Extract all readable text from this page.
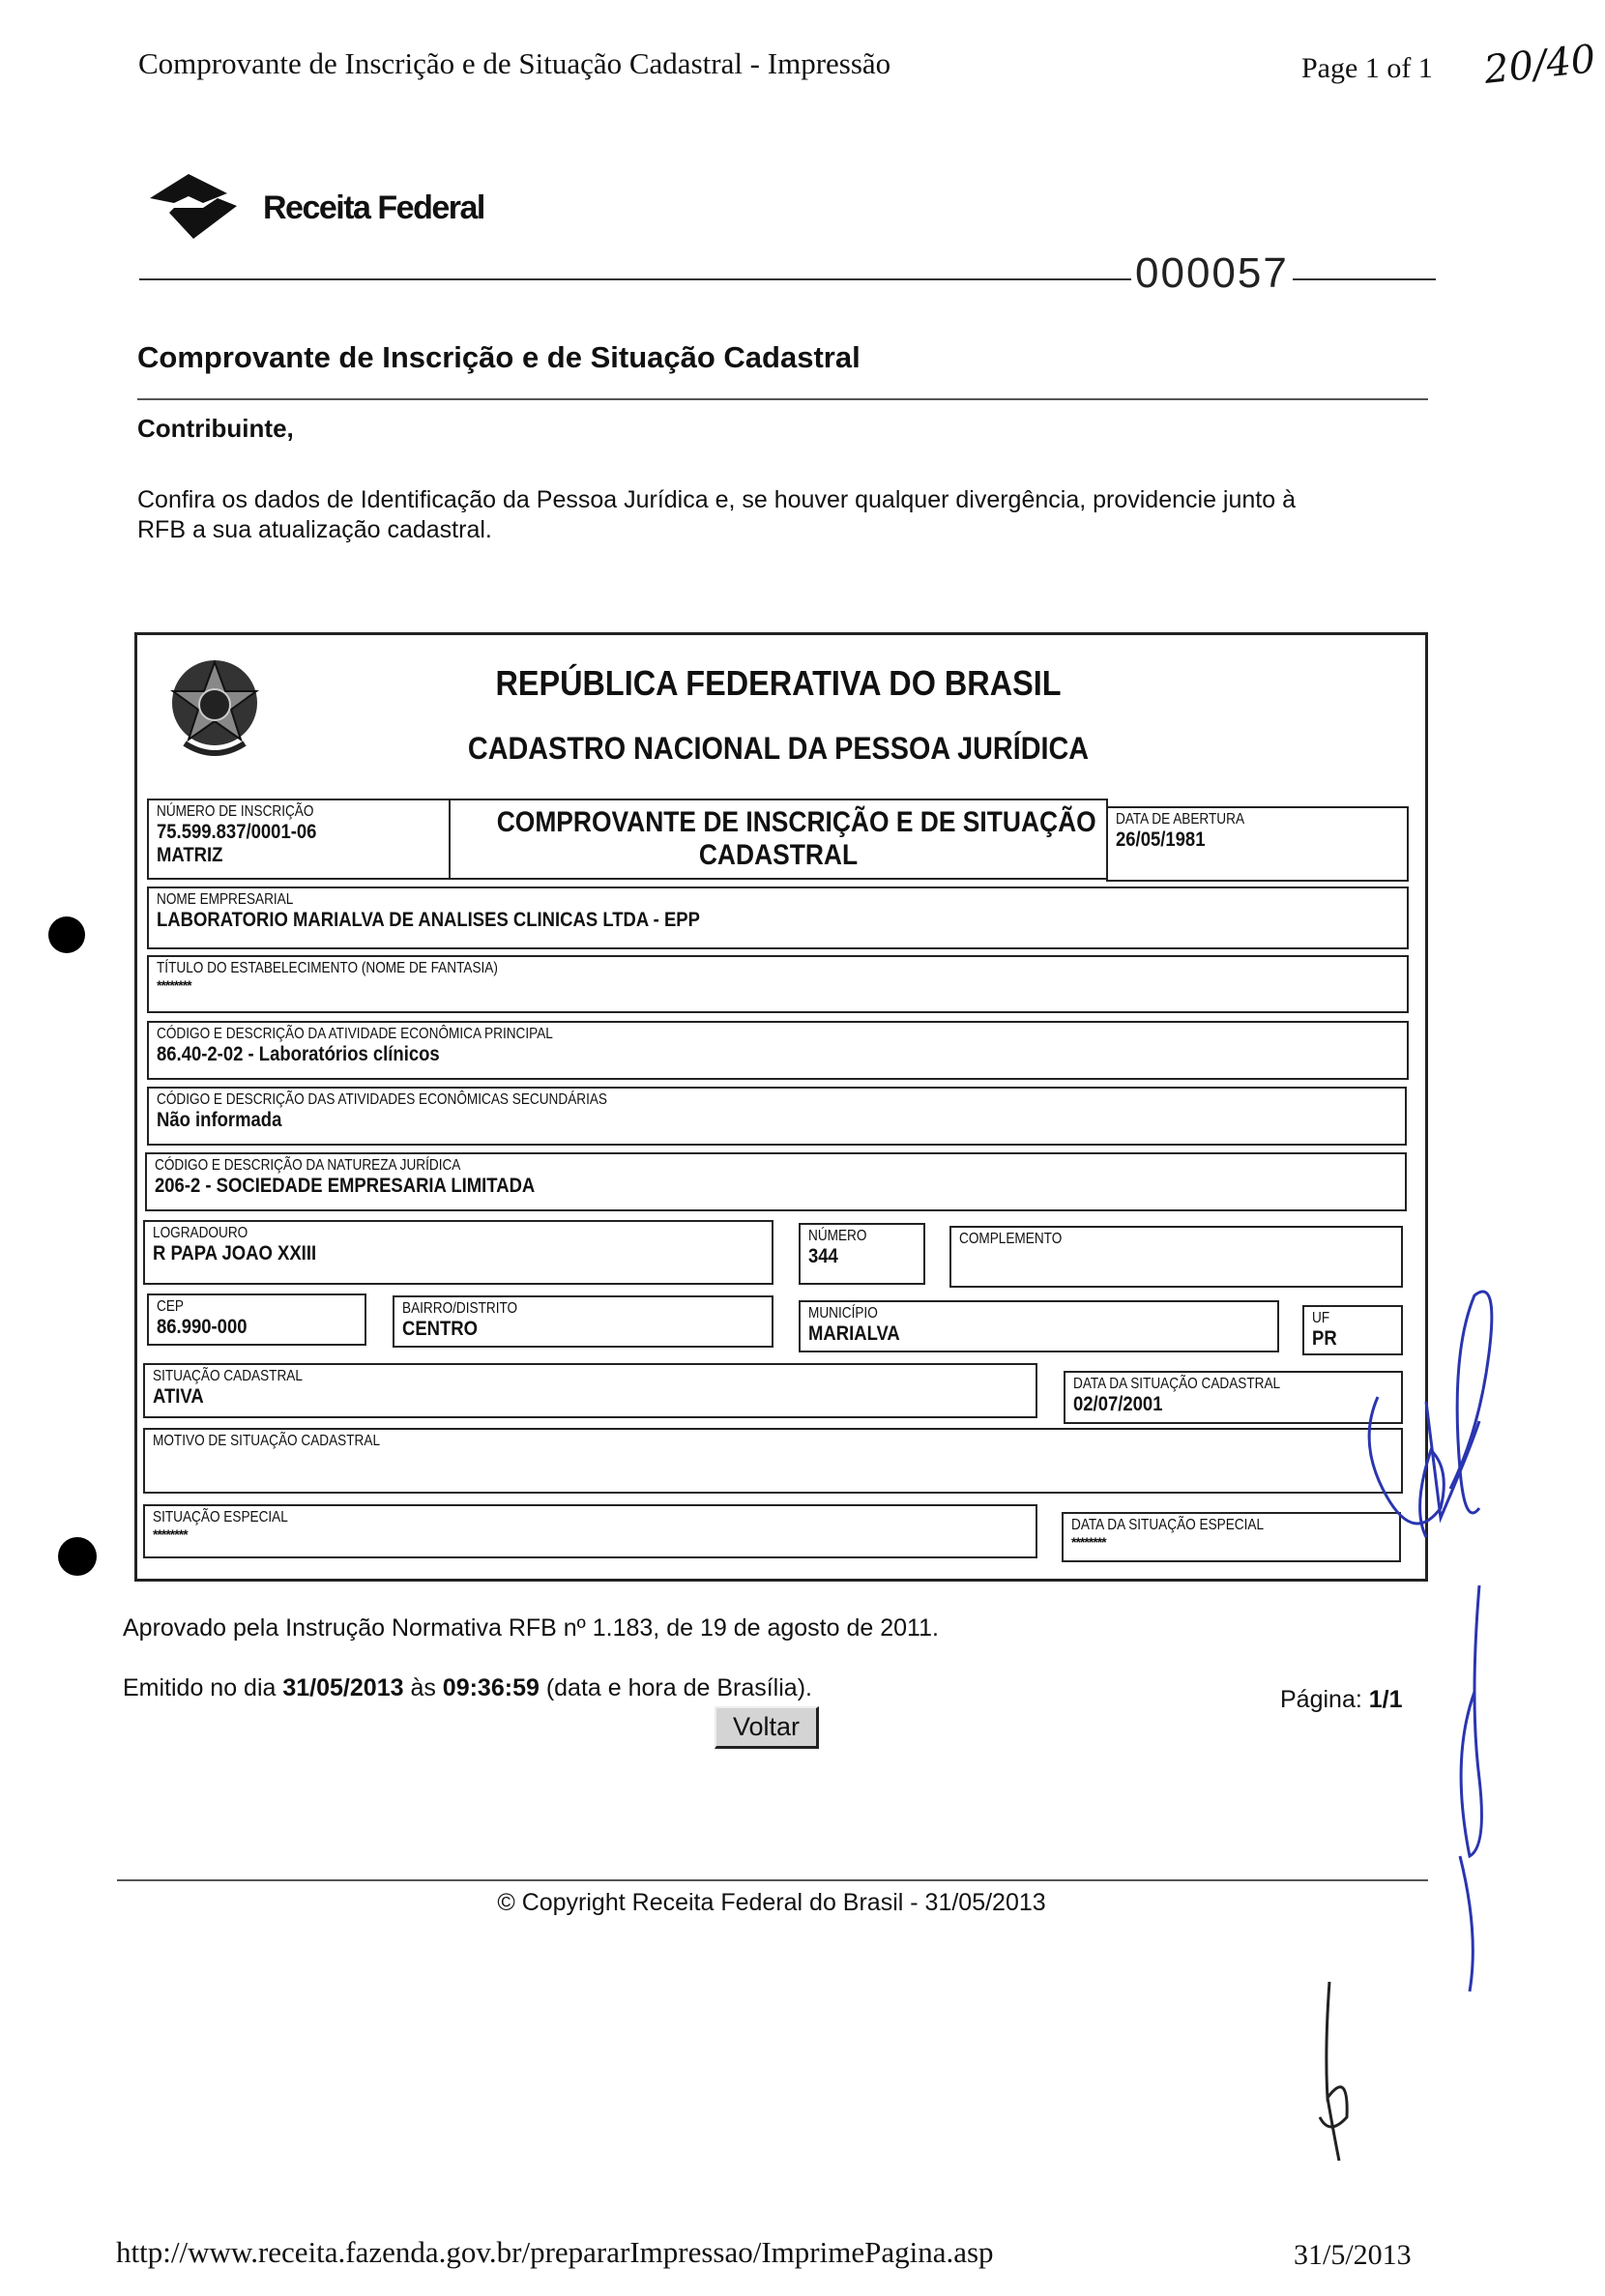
Comprovante de Inscrição e de Situação Cadastral - Impressão	Page 1 of 1 20/40
Receita Federal
000057
Comprovante de Inscrição e de Situação Cadastral
Contribuinte,
Confira os dados de Identificação da Pessoa Jurídica e, se houver qualquer divergência, providencie junto à
RFB a sua atualização cadastral.
REPÚBLICA FEDERATIVA DO BRASIL
CADASTRO NACIONAL DA PESSOA JURÍDICA
NÚMERO DE INSCRIÇÃO
75.599.837/0001-06
MATRIZ
COMPROVANTE DE INSCRIÇÃO E DE SITUAÇÃO
CADASTRAL
DATA DE ABERTURA
26/05/1981
NOME EMPRESARIAL
LABORATORIO MARIALVA DE ANALISES CLINICAS LTDA - EPP
TÍTULO DO ESTABELECIMENTO (NOME DE FANTASIA)
********
CÓDIGO E DESCRIÇÃO DA ATIVIDADE ECONÔMICA PRINCIPAL
86.40-2-02 - Laboratórios clínicos
CÓDIGO E DESCRIÇÃO DAS ATIVIDADES ECONÔMICAS SECUNDÁRIAS
Não informada
CÓDIGO E DESCRIÇÃO DA NATUREZA JURÍDICA
206-2 - SOCIEDADE EMPRESARIA LIMITADA
LOGRADOURO
R PAPA JOAO XXIII
NÚMERO
344
COMPLEMENTO
CEP
86.990-000
BAIRRO/DISTRITO
CENTRO
MUNICÍPIO
MARIALVA
UF
PR
SITUAÇÃO CADASTRAL
ATIVA
DATA DA SITUAÇÃO CADASTRAL
02/07/2001
MOTIVO DE SITUAÇÃO CADASTRAL
SITUAÇÃO ESPECIAL
********
DATA DA SITUAÇÃO ESPECIAL
********
Aprovado pela Instrução Normativa RFB nº 1.183, de 19 de agosto de 2011.
Emitido no dia 31/05/2013 às 09:36:59 (data e hora de Brasília).	Página: 1/1
Voltar
© Copyright Receita Federal do Brasil - 31/05/2013
http://www.receita.fazenda.gov.br/prepararImpressao/ImprimePagina.asp	31/5/2013
